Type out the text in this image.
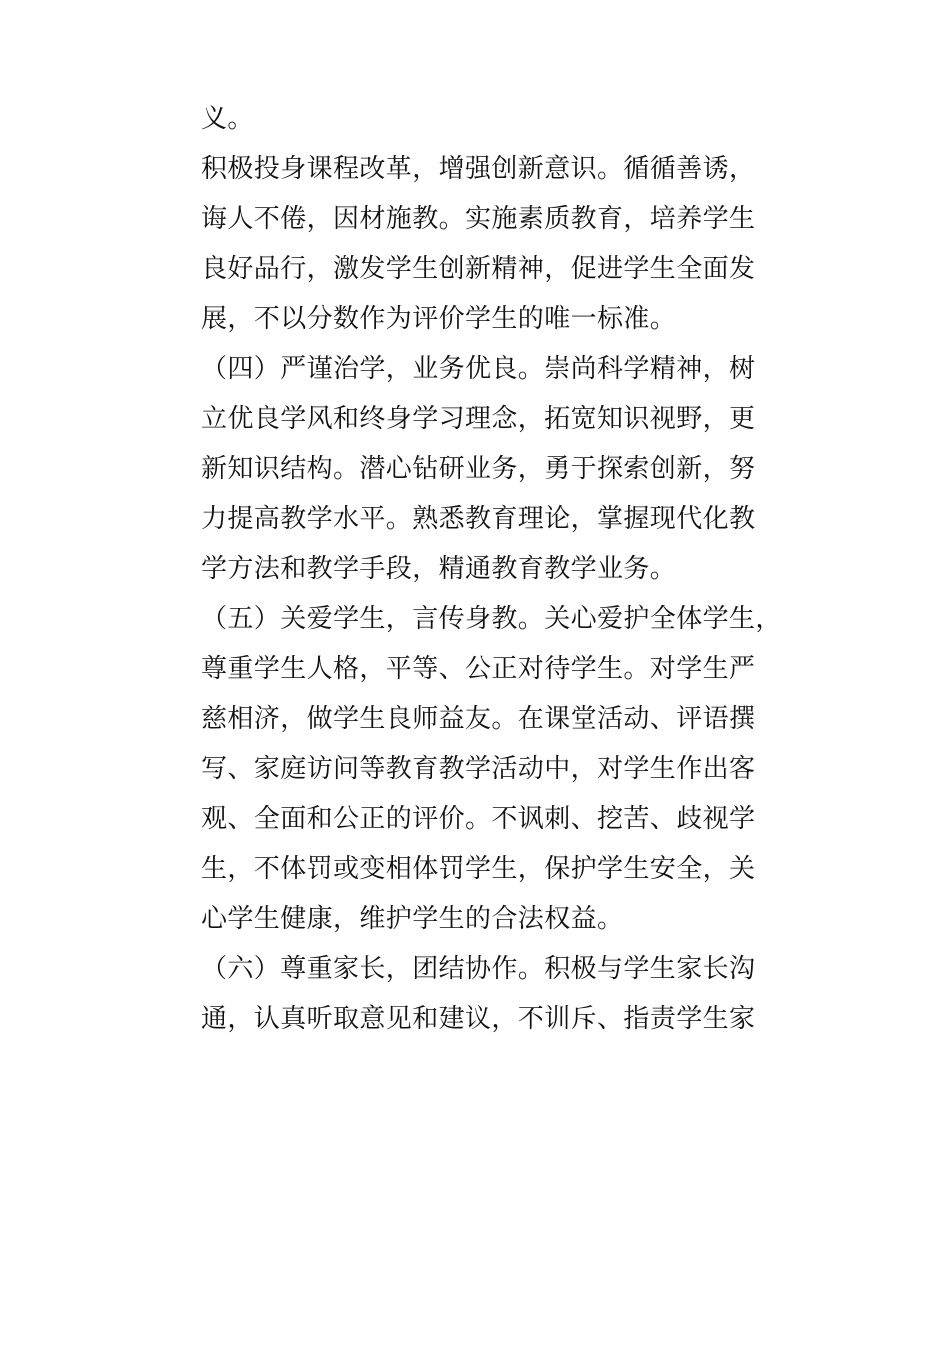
义。
积极投身课程改革，增强创新意识。循循善诱，
诲人不倦，因材施教。实施素质教育，培养学生
良好品行，激发学生创新精神，促进学生全面发
展，不以分数作为评价学生的唯一标准。
（四）严谨治学，业务优良。崇尚科学精神，树
立优良学风和终身学习理念，拓宽知识视野，更
新知识结构。潜心钻研业务，勇于探索创新，努
力提高教学水平。熟悉教育理论，掌握现代化教
学方法和教学手段，精通教育教学业务。
（五）关爱学生，言传身教。关心爱护全体学生，
尊重学生人格，平等、公正对待学生。对学生严
慈相济，做学生良师益友。在课堂活动、评语撰
写、家庭访问等教育教学活动中，对学生作出客
观、全面和公正的评价。不讽刺、挖苦、歧视学
生，不体罚或变相体罚学生，保护学生安全，关
心学生健康，维护学生的合法权益。
（六）尊重家长，团结协作。积极与学生家长沟
通，认真听取意见和建议，不训斥、指责学生家
